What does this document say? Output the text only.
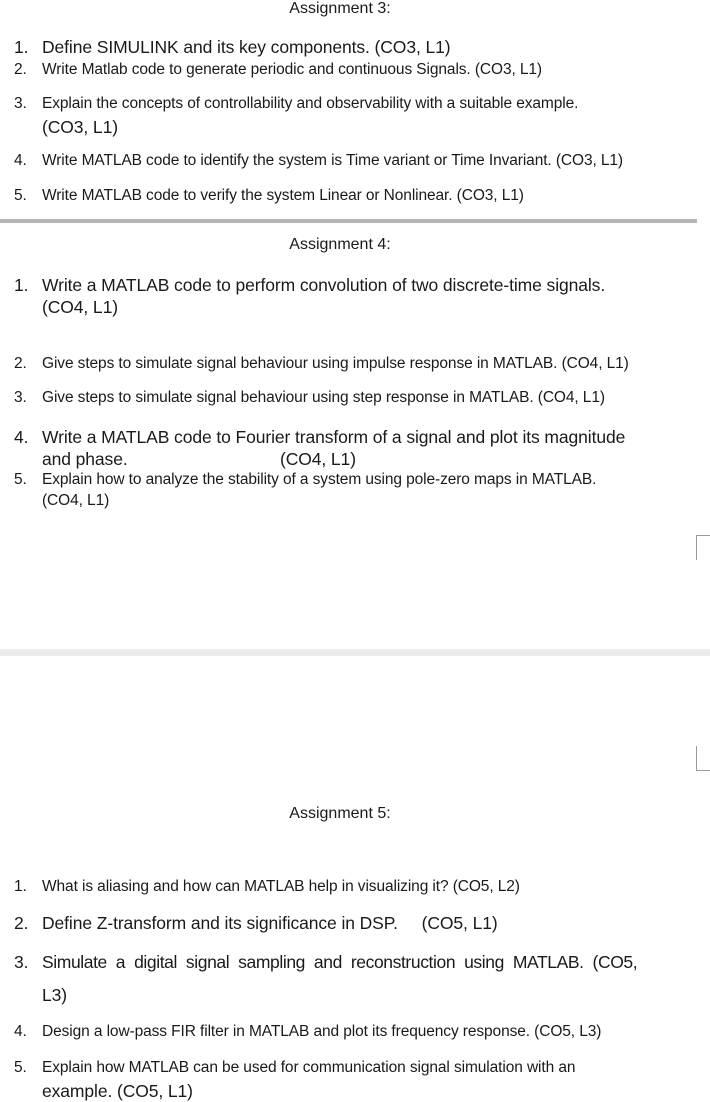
Assignment 3:
1. Define SIMULINK and its key components. (CO3, L1)
2. Write Matlab code to generate periodic and continuous Signals. (CO3, L1)
3. Explain the concepts of controllability and observability with a suitable example.
(CO3, L1)
4. Write MATLAB code to identify the system is Time variant or Time Invariant. (CO3, L1)
5. Write MATLAB code to verify the system Linear or Nonlinear. (CO3, L1)
Assignment 4:
1. Write a MATLAB code to perform convolution of two discrete-time signals.
(CO4, L1)
2. Give steps to simulate signal behaviour using impulse response in MATLAB. (CO4, L1)
3. Give steps to simulate signal behaviour using step response in MATLAB. (CO4, L1)
4. Write a MATLAB code to Fourier transform of a signal and plot its magnitude
and phase.                                (CO4, L1)
5. Explain how to analyze the stability of a system using pole-zero maps in MATLAB.
(CO4, L1)
Assignment 5:
1. What is aliasing and how can MATLAB help in visualizing it? (CO5, L2)
2. Define Z-transform and its significance in DSP.     (CO5, L1)
3. Simulate  a  digital  signal  sampling  and  reconstruction  using  MATLAB.  (CO5,
L3)
4. Design a low-pass FIR filter in MATLAB and plot its frequency response. (CO5, L3)
5. Explain how MATLAB can be used for communication signal simulation with an
example. (CO5, L1)
